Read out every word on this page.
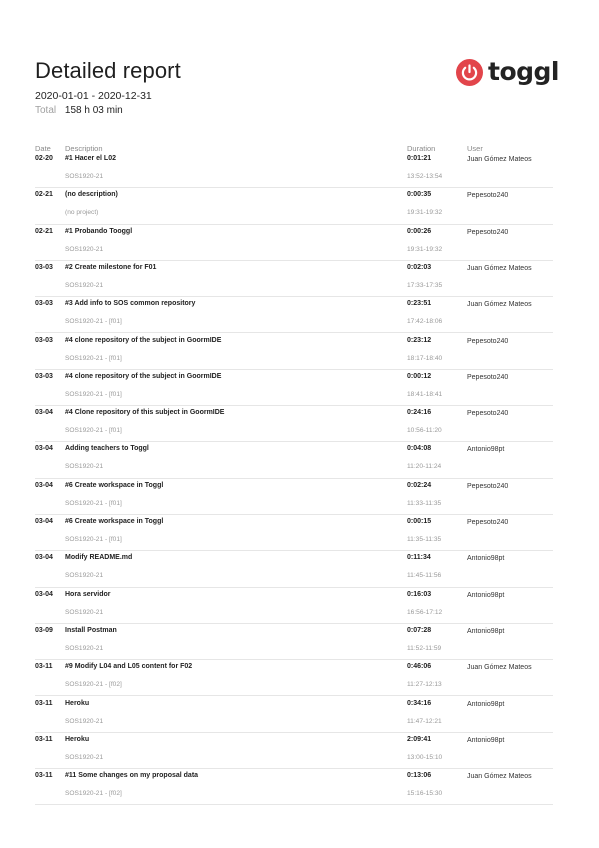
Detailed report
2020-01-01 - 2020-12-31
Total 158 h 03 min
toggl
Date Description	Duration	User
02-20 #1 Hacer el L02	0:01:21	Juan Gómez Mateos
SOS1920-21	13:52-13:54
02-21 (no description)	0:00:35	Pepesoto240
(no project)	19:31-19:32
02-21 #1 Probando Tooggl	0:00:26	Pepesoto240
SOS1920-21	19:31-19:32
03-03 #2 Create milestone for F01	0:02:03	Juan Gómez Mateos
SOS1920-21	17:33-17:35
03-03 #3 Add info to SOS common repository	0:23:51	Juan Gómez Mateos
SOS1920-21 - [f01]	17:42-18:06
03-03 #4 clone repository of the subject in GoormIDE	0:23:12	Pepesoto240
SOS1920-21 - [f01]	18:17-18:40
03-03 #4 clone repository of the subject in GoormIDE	0:00:12	Pepesoto240
SOS1920-21 - [f01]	18:41-18:41
03-04 #4 Clone repository of this subject in GoormIDE	0:24:16	Pepesoto240
SOS1920-21 - [f01]	10:56-11:20
03-04 Adding teachers to Toggl	0:04:08	Antonio98pt
SOS1920-21	11:20-11:24
03-04 #6 Create workspace in Toggl	0:02:24	Pepesoto240
SOS1920-21 - [f01]	11:33-11:35
03-04 #6 Create workspace in Toggl	0:00:15	Pepesoto240
SOS1920-21 - [f01]	11:35-11:35
03-04 Modify README.md	0:11:34	Antonio98pt
SOS1920-21	11:45-11:56
03-04 Hora servidor	0:16:03	Antonio98pt
SOS1920-21	16:56-17:12
03-09 Install Postman	0:07:28	Antonio98pt
SOS1920-21	11:52-11:59
03-11 #9 Modify L04 and L05 content for F02	0:46:06	Juan Gómez Mateos
SOS1920-21 - [f02]	11:27-12:13
03-11 Heroku	0:34:16	Antonio98pt
SOS1920-21	11:47-12:21
03-11 Heroku	2:09:41	Antonio98pt
SOS1920-21	13:00-15:10
03-11 #11 Some changes on my proposal data	0:13:06	Juan Gómez Mateos
SOS1920-21 - [f02]	15:16-15:30
